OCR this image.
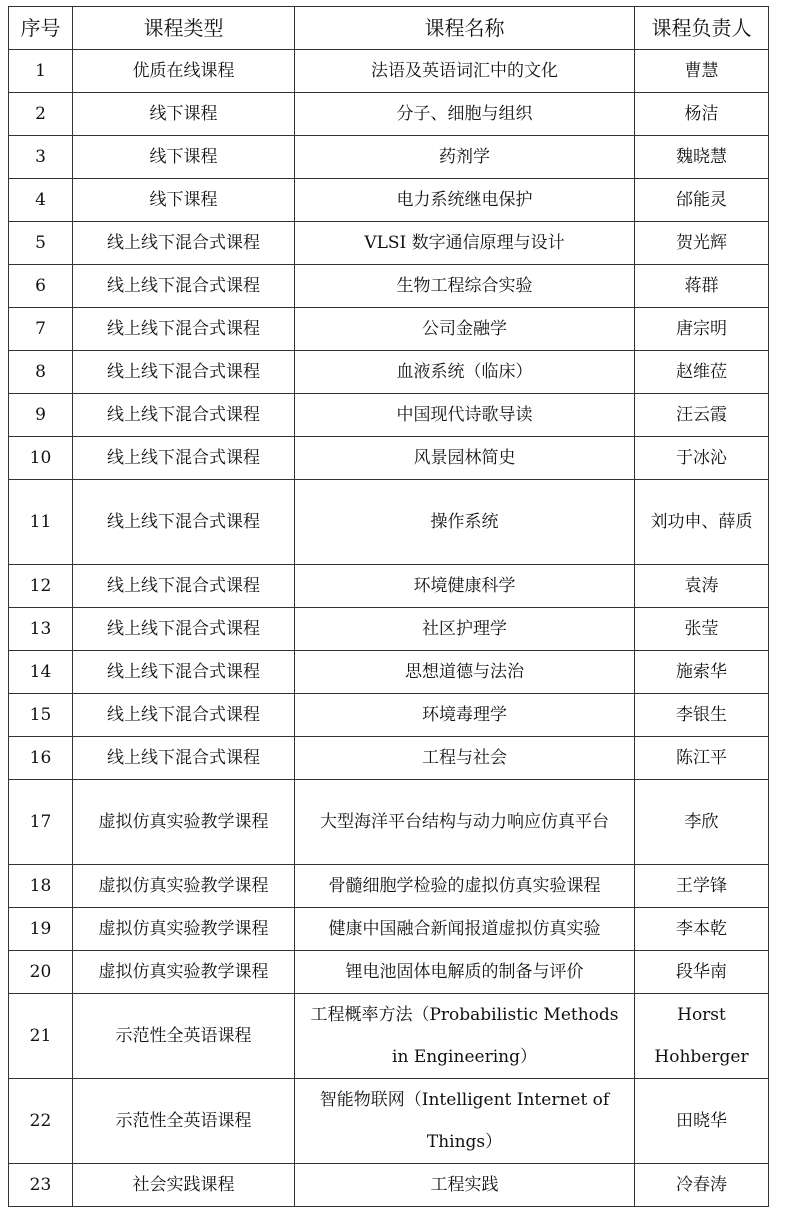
序号	课程类型	课程名称	课程负责人
1	优质在线课程	法语及英语词汇中的文化	曹慧
2	线下课程	分子、细胞与组织	杨洁
3	线下课程	药剂学	魏晓慧
4	线下课程	电力系统继电保护	邰能灵
5	线上线下混合式课程	VLSI 数字通信原理与设计	贺光辉
6	线上线下混合式课程	生物工程综合实验	蒋群
7	线上线下混合式课程	公司金融学	唐宗明
8	线上线下混合式课程	血液系统（临床）	赵维莅
9	线上线下混合式课程	中国现代诗歌导读	汪云霞
10	线上线下混合式课程	风景园林简史	于冰沁
11	线上线下混合式课程	操作系统	刘功申、薛质
12	线上线下混合式课程	环境健康科学	袁涛
13	线上线下混合式课程	社区护理学	张莹
14	线上线下混合式课程	思想道德与法治	施索华
15	线上线下混合式课程	环境毒理学	李银生
16	线上线下混合式课程	工程与社会	陈江平
17	虚拟仿真实验教学课程	大型海洋平台结构与动力响应仿真平台	李欣
18	虚拟仿真实验教学课程	骨髓细胞学检验的虚拟仿真实验课程	王学锋
19	虚拟仿真实验教学课程	健康中国融合新闻报道虚拟仿真实验	李本乾
20	虚拟仿真实验教学课程	锂电池固体电解质的制备与评价	段华南
21	示范性全英语课程	工程概率方法（Probabilistic Methods in Engineering）	Horst Hohberger
22	示范性全英语课程	智能物联网（Intelligent Internet of Things）	田晓华
23	社会实践课程	工程实践	冷春涛
